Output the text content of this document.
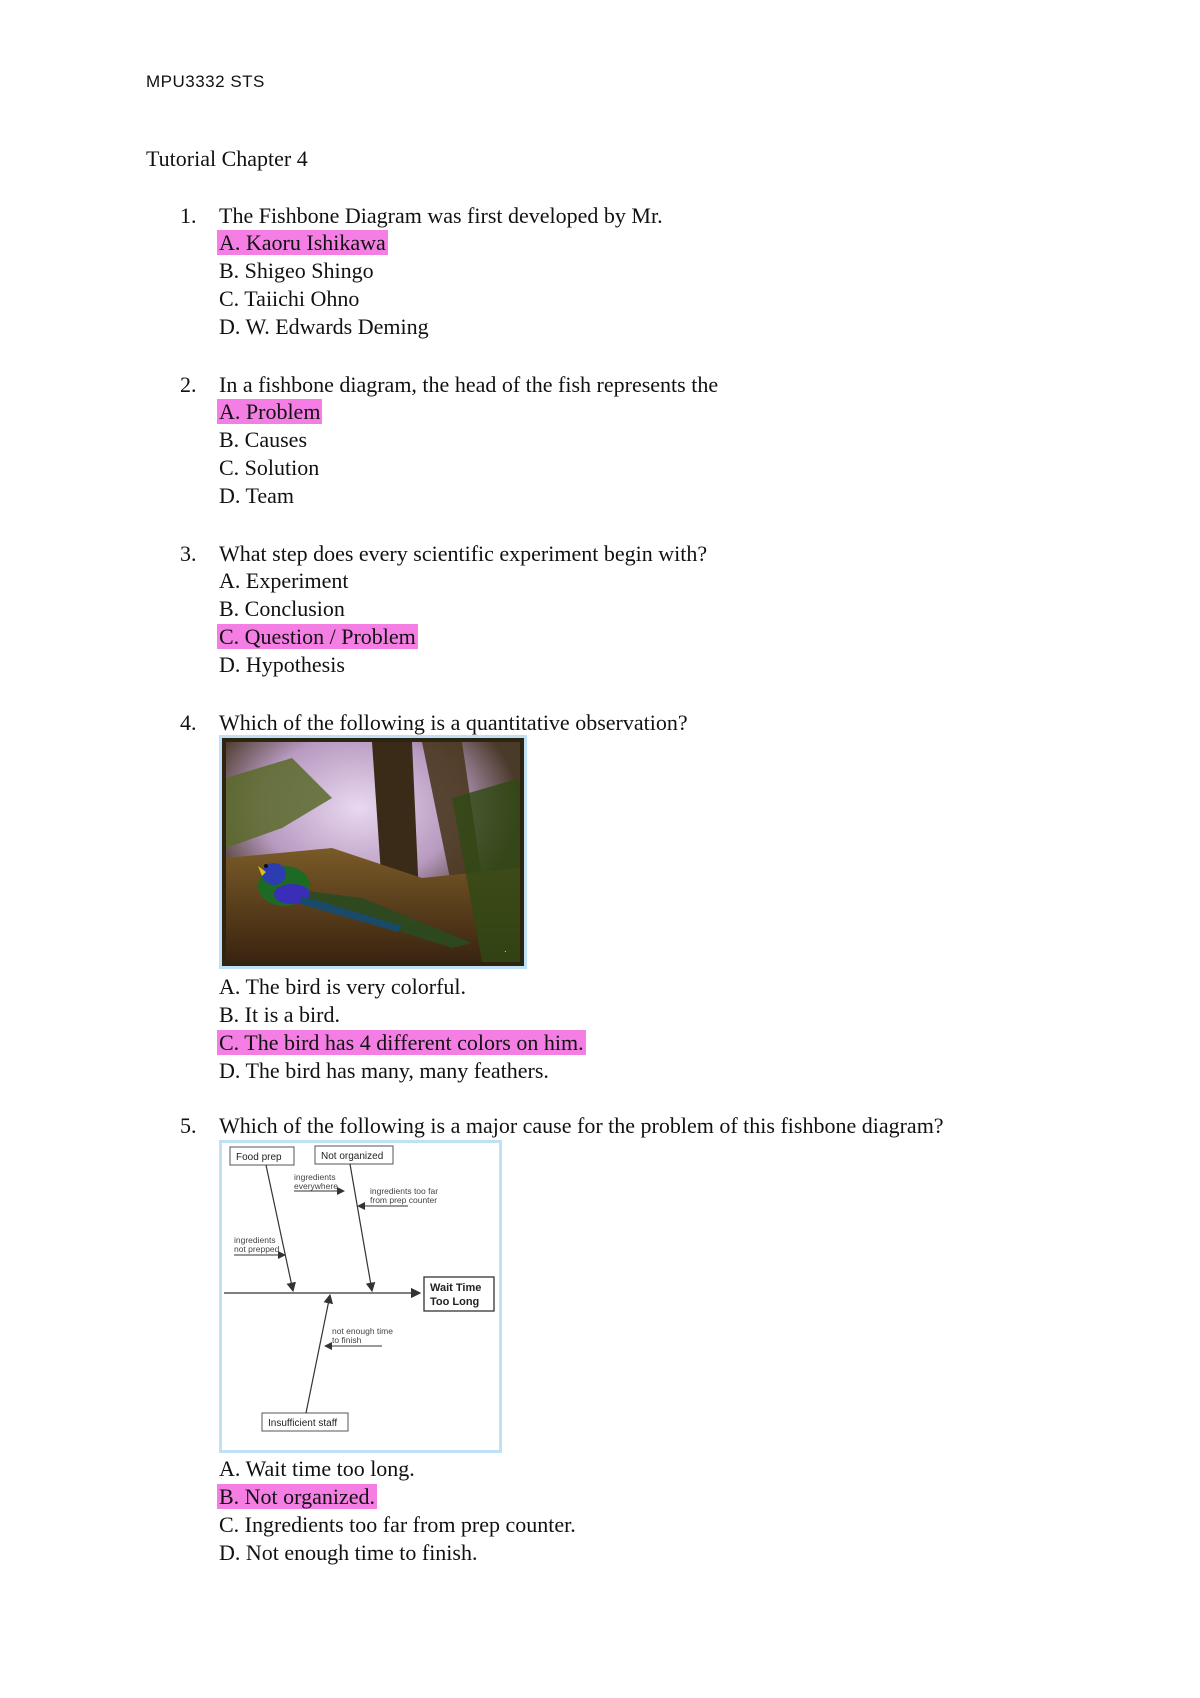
MPU3332 STS
Tutorial Chapter 4
1. The Fishbone Diagram was first developed by Mr.
A. Kaoru Ishikawa
B. Shigeo Shingo
C. Taiichi Ohno
D. W. Edwards Deming
2. In a fishbone diagram, the head of the fish represents the
A. Problem
B. Causes
C. Solution
D. Team
3. What step does every scientific experiment begin with?
A. Experiment
B. Conclusion
C. Question / Problem
D. Hypothesis
4. Which of the following is a quantitative observation?
.
A. The bird is very colorful.
B. It is a bird.
C. The bird has 4 different colors on him.
D. The bird has many, many feathers.
5. Which of the following is a major cause for the problem of this fishbone diagram?
Wait Time
Too Long
Food prep	Not organized
Insufficient staff
ingredients
everywhere	ingredients too far
from prep counter
ingredients
not prepped
not enough time
to finish
A. Wait time too long.
B. Not organized.
C. Ingredients too far from prep counter.
D. Not enough time to finish.
